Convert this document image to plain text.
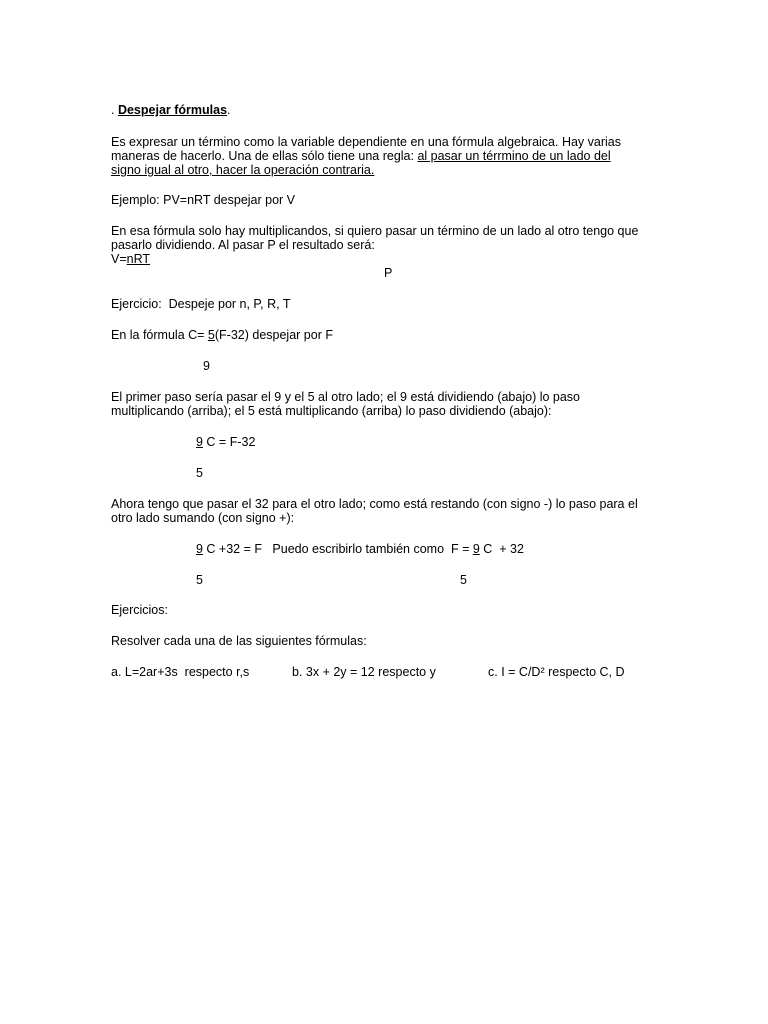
. Despejar fórmulas.
Es expresar un término como la variable dependiente en una fórmula algebraica. Hay varias
maneras de hacerlo. Una de ellas sólo tiene una regla: al pasar un térrmino de un lado del
signo igual al otro, hacer la operación contraria.
Ejemplo: PV=nRT despejar por V
En esa fórmula solo hay multiplicandos, si quiero pasar un término de un lado al otro tengo que
pasarlo dividiendo. Al pasar P el resultado será:
V=nRT
P
Ejercicio:  Despeje por n, P, R, T
En la fórmula C= 5(F-32) despejar por F
9
El primer paso sería pasar el 9 y el 5 al otro lado; el 9 está dividiendo (abajo) lo paso
multiplicando (arriba); el 5 está multiplicando (arriba) lo paso dividiendo (abajo):
9 C = F-32
5
Ahora tengo que pasar el 32 para el otro lado; como está restando (con signo -) lo paso para el
otro lado sumando (con signo +):
9 C +32 = F   Puedo escribirlo también como  F = 9 C  + 32
5	5
Ejercicios:
Resolver cada una de las siguientes fórmulas:
a. L=2ar+3s  respecto r,s	b. 3x + 2y = 12 respecto y	c. I = C/D² respecto C, D
